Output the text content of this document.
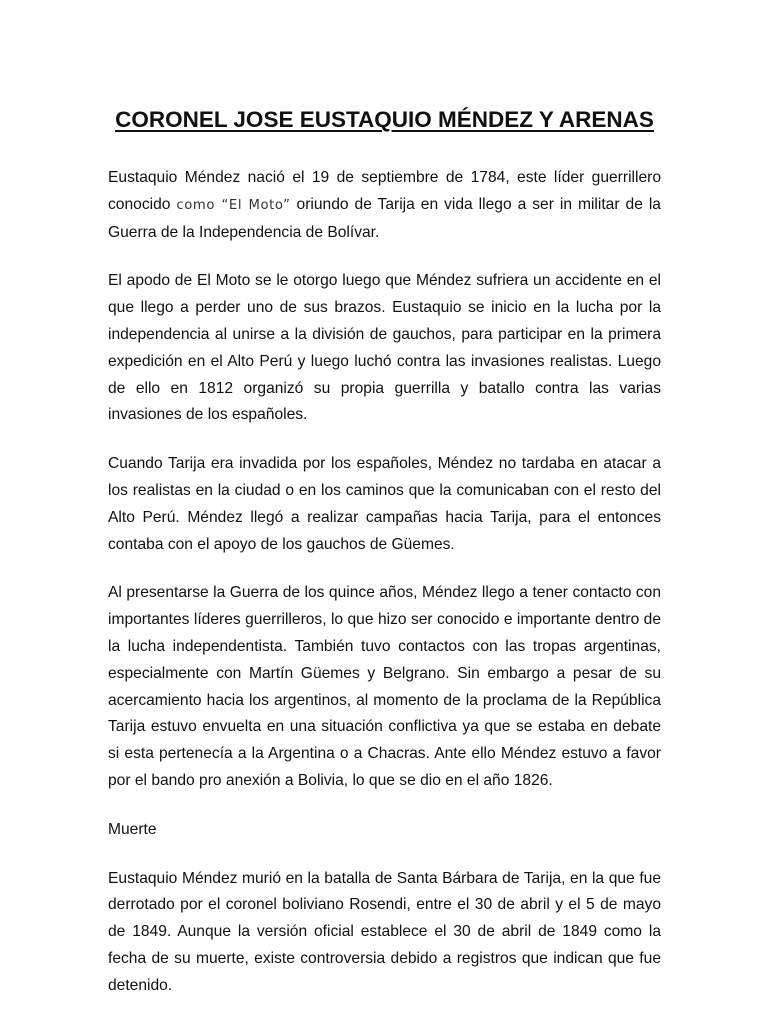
CORONEL JOSE EUSTAQUIO MÉNDEZ Y ARENAS

Eustaquio Méndez nació el 19 de septiembre de 1784, este líder guerrillero conocido como “El Moto” oriundo de Tarija en vida llego a ser in militar de la Guerra de la Independencia de Bolívar.

El apodo de El Moto se le otorgo luego que Méndez sufriera un accidente en el que llego a perder uno de sus brazos. Eustaquio se inicio en la lucha por la independencia al unirse a la división de gauchos, para participar en la primera expedición en el Alto Perú y luego luchó contra las invasiones realistas. Luego de ello en 1812 organizó su propia guerrilla y batallo contra las varias invasiones de los españoles.

Cuando Tarija era invadida por los españoles, Méndez no tardaba en atacar a los realistas en la ciudad o en los caminos que la comunicaban con el resto del Alto Perú. Méndez llegó a realizar campañas hacia Tarija, para el entonces contaba con el apoyo de los gauchos de Güemes.

Al presentarse la Guerra de los quince años, Méndez llego a tener contacto con importantes líderes guerrilleros, lo que hizo ser conocido e importante dentro de la lucha independentista. También tuvo contactos con las tropas argentinas, especialmente con Martín Güemes y Belgrano. Sin embargo a pesar de su acercamiento hacia los argentinos, al momento de la proclama de la República Tarija estuvo envuelta en una situación conflictiva ya que se estaba en debate si esta pertenecía a la Argentina o a Chacras. Ante ello Méndez estuvo a favor por el bando pro anexión a Bolivia, lo que se dio en el año 1826.

Muerte

Eustaquio Méndez murió en la batalla de Santa Bárbara de Tarija, en la que fue derrotado por el coronel boliviano Rosendi, entre el 30 de abril y el 5 de mayo de 1849. Aunque la versión oficial establece el 30 de abril de 1849 como la fecha de su muerte, existe controversia debido a registros que indican que fue detenido.
